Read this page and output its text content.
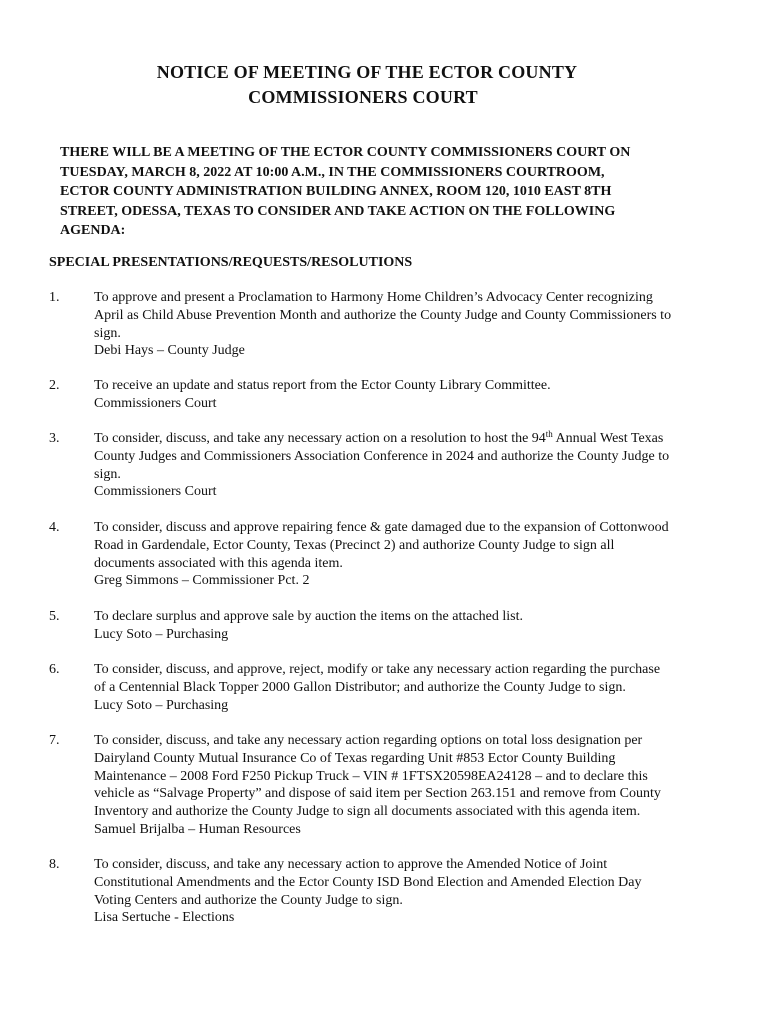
NOTICE OF MEETING OF THE ECTOR COUNTY
COMMISSIONERS COURT
THERE WILL BE A MEETING OF THE ECTOR COUNTY COMMISSIONERS COURT ON
TUESDAY, MARCH 8, 2022 AT 10:00 A.M., IN THE COMMISSIONERS COURTROOM,
ECTOR COUNTY ADMINISTRATION BUILDING ANNEX, ROOM 120, 1010 EAST 8TH
STREET, ODESSA, TEXAS TO CONSIDER AND TAKE ACTION ON THE FOLLOWING
AGENDA:
SPECIAL PRESENTATIONS/REQUESTS/RESOLUTIONS
1.	To approve and present a Proclamation to Harmony Home Children’s Advocacy Center recognizing
April as Child Abuse Prevention Month and authorize the County Judge and County Commissioners to
sign.
Debi Hays – County Judge
2.	To receive an update and status report from the Ector County Library Committee.
Commissioners Court
3.	To consider, discuss, and take any necessary action on a resolution to host the 94th Annual West Texas
County Judges and Commissioners Association Conference in 2024 and authorize the County Judge to
sign.
Commissioners Court
4.	To consider, discuss and approve repairing fence & gate damaged due to the expansion of Cottonwood
Road in Gardendale, Ector County, Texas (Precinct 2) and authorize County Judge to sign all
documents associated with this agenda item.
Greg Simmons – Commissioner Pct. 2
5.	To declare surplus and approve sale by auction the items on the attached list.
Lucy Soto – Purchasing
6.	To consider, discuss, and approve, reject, modify or take any necessary action regarding the purchase
of a Centennial Black Topper 2000 Gallon Distributor; and authorize the County Judge to sign.
Lucy Soto – Purchasing
7.	To consider, discuss, and take any necessary action regarding options on total loss designation per
Dairyland County Mutual Insurance Co of Texas regarding Unit #853 Ector County Building
Maintenance – 2008 Ford F250 Pickup Truck – VIN # 1FTSX20598EA24128 – and to declare this
vehicle as “Salvage Property” and dispose of said item per Section 263.151 and remove from County
Inventory and authorize the County Judge to sign all documents associated with this agenda item.
Samuel Brijalba – Human Resources
8.	To consider, discuss, and take any necessary action to approve the Amended Notice of Joint
Constitutional Amendments and the Ector County ISD Bond Election and Amended Election Day
Voting Centers and authorize the County Judge to sign.
Lisa Sertuche - Elections
